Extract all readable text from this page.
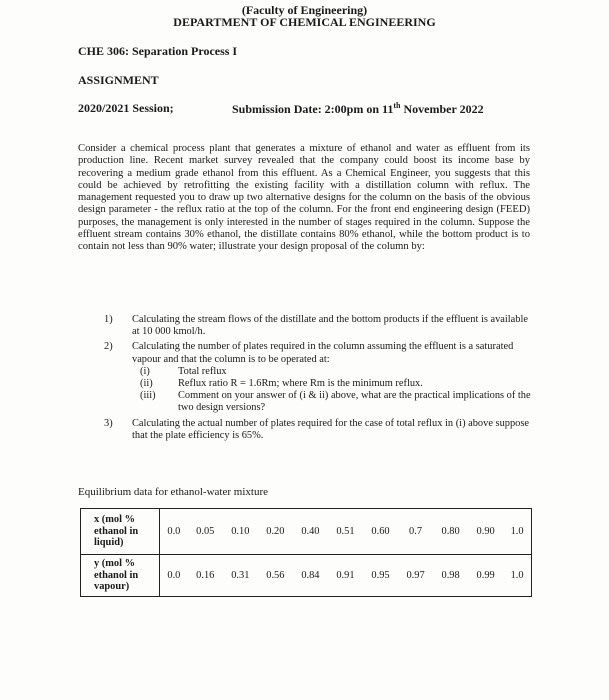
(Faculty of Engineering)
DEPARTMENT OF CHEMICAL ENGINEERING
CHE 306: Separation Process I
ASSIGNMENT
2020/2021 Session;	Submission Date: 2:00pm on 11th November 2022
Consider a chemical process plant that generates a mixture of ethanol and water as effluent from its production line. Recent market survey revealed that the company could boost its income base by recovering a medium grade ethanol from this effluent. As a Chemical Engineer, you suggests that this could be achieved by retrofitting the existing facility with a distillation column with reflux. The management requested you to draw up two alternative designs for the column on the basis of the obvious design parameter - the reflux ratio at the top of the column. For the front end engineering design (FEED) purposes, the management is only interested in the number of stages required in the column. Suppose the effluent stream contains 30% ethanol, the distillate contains 80% ethanol, while the bottom product is to contain not less than 90% water; illustrate your design proposal of the column by:
1) Calculating the stream flows of the distillate and the bottom products if the effluent is available at 10 000 kmol/h.
2) Calculating the number of plates required in the column assuming the effluent is a saturated vapour and that the column is to be operated at:
(i)	Total reflux
(ii) Reflux ratio R = 1.6Rm; where Rm is the minimum reflux.
(iii) Comment on your answer of (i & ii) above, what are the practical implications of the two design versions?
3) Calculating the actual number of plates required for the case of total reflux in (i) above suppose that the plate efficiency is 65%.
Equilibrium data for ethanol-water mixture
x (mol % ethanol in liquid)	0.0	0.05	0.10	0.20	0.40	0.51	0.60	0.7	0.80	0.90	1.0
y (mol % ethanol in vapour)	0.0	0.16	0.31	0.56	0.84	0.91	0.95	0.97	0.98	0.99	1.0
